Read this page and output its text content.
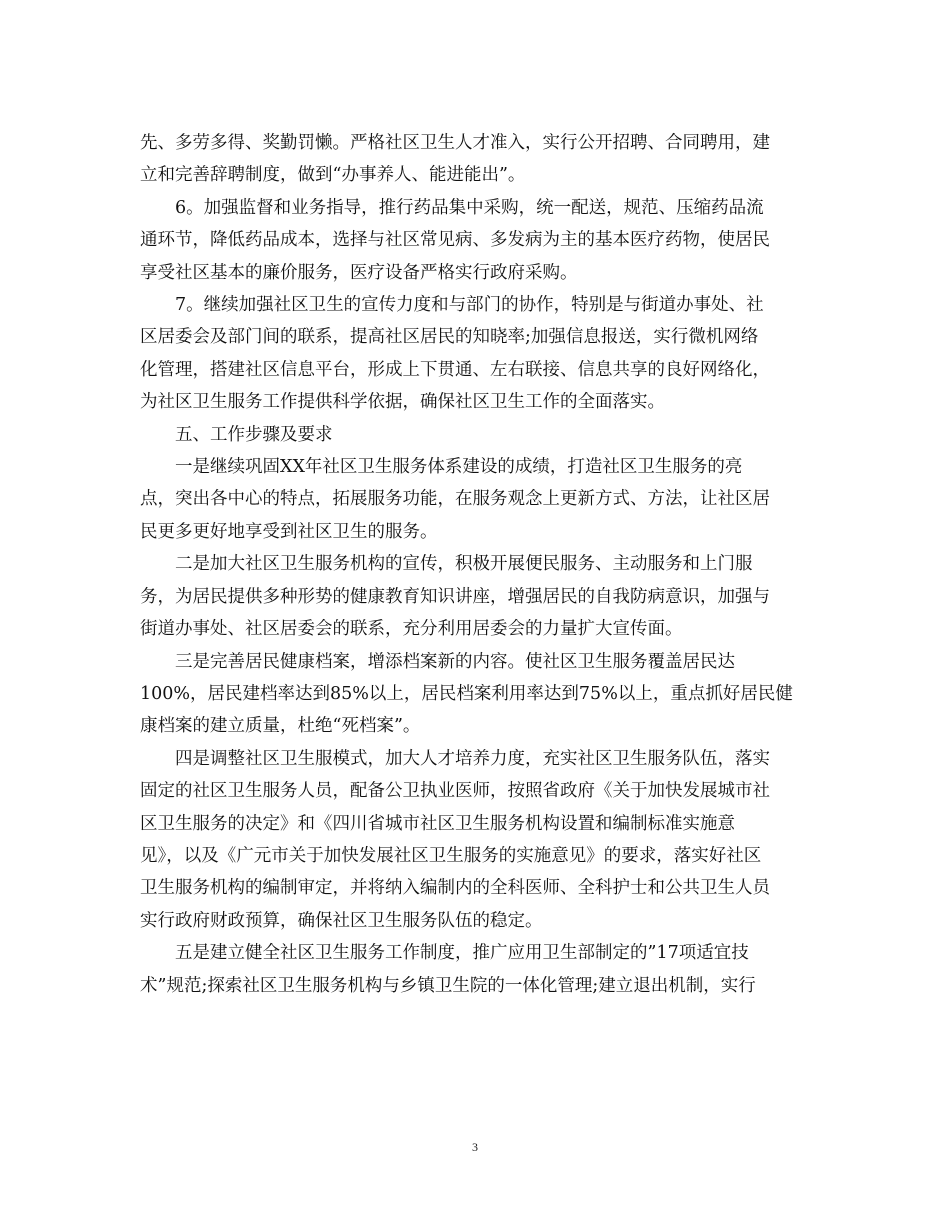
先、多劳多得、奖勤罚懒。严格社区卫生人才准入，实行公开招聘、合同聘用，建
立和完善辞聘制度，做到“办事养人、能进能出”。

　　6。加强监督和业务指导，推行药品集中采购，统一配送，规范、压缩药品流
通环节，降低药品成本，选择与社区常见病、多发病为主的基本医疗药物，使居民
享受社区基本的廉价服务，医疗设备严格实行政府采购。

　　7。继续加强社区卫生的宣传力度和与部门的协作，特别是与街道办事处、社
区居委会及部门间的联系，提高社区居民的知晓率;加强信息报送，实行微机网络
化管理，搭建社区信息平台，形成上下贯通、左右联接、信息共享的良好网络化，
为社区卫生服务工作提供科学依据，确保社区卫生工作的全面落实。

　　五、工作步骤及要求

　　一是继续巩固XX年社区卫生服务体系建设的成绩，打造社区卫生服务的亮
点，突出各中心的特点，拓展服务功能，在服务观念上更新方式、方法，让社区居
民更多更好地享受到社区卫生的服务。

　　二是加大社区卫生服务机构的宣传，积极开展便民服务、主动服务和上门服
务，为居民提供多种形势的健康教育知识讲座，增强居民的自我防病意识，加强与
街道办事处、社区居委会的联系，充分利用居委会的力量扩大宣传面。

　　三是完善居民健康档案，增添档案新的内容。使社区卫生服务覆盖居民达
100%，居民建档率达到85%以上，居民档案利用率达到75%以上，重点抓好居民健
康档案的建立质量，杜绝“死档案”。

　　四是调整社区卫生服模式，加大人才培养力度，充实社区卫生服务队伍，落实
固定的社区卫生服务人员，配备公卫执业医师，按照省政府《关于加快发展城市社
区卫生服务的决定》和《四川省城市社区卫生服务机构设置和编制标准实施意
见》，以及《广元市关于加快发展社区卫生服务的实施意见》的要求，落实好社区
卫生服务机构的编制审定，并将纳入编制内的全科医师、全科护士和公共卫生人员
实行政府财政预算，确保社区卫生服务队伍的稳定。

　　五是建立健全社区卫生服务工作制度，推广应用卫生部制定的”17项适宜技
术”规范;探索社区卫生服务机构与乡镇卫生院的一体化管理;建立退出机制，实行

3
